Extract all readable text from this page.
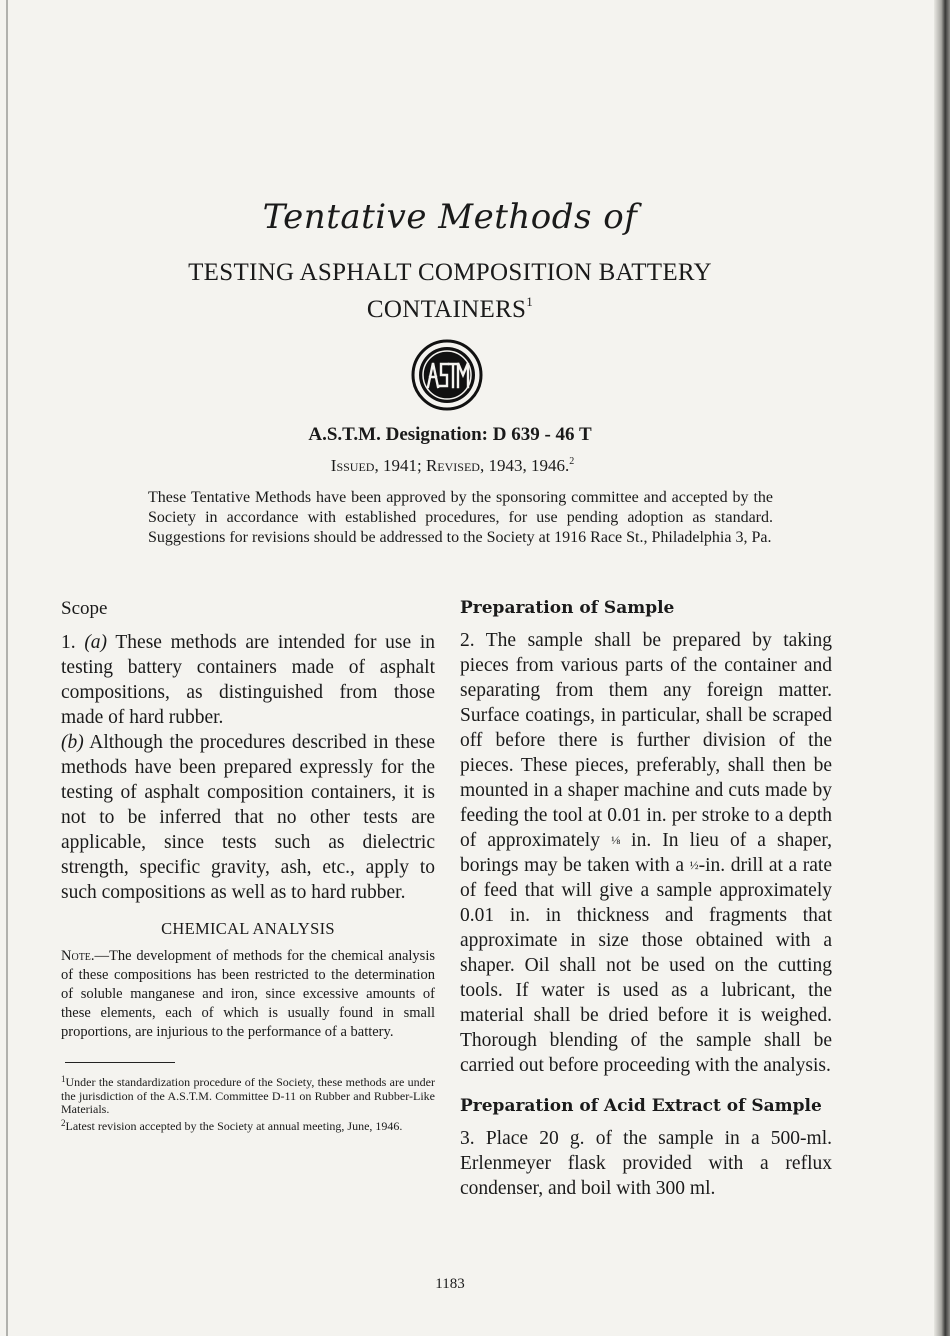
Tentative Methods of
TESTING ASPHALT COMPOSITION BATTERY
CONTAINERS$^1$
A.S.T.M. Designation: D 639 - 46 T
Issued, 1941; Revised, 1943, 1946.$^2$
These Tentative Methods have been approved by the sponsoring committee and accepted by the Society in accordance with established procedures, for use pending adoption as standard. Suggestions for revisions should be addressed to the Society at 1916 Race St., Philadelphia 3, Pa.
Scope

1. (a) These methods are intended for use in testing battery containers made of asphalt compositions, as distinguished from those made of hard rubber.

(b) Although the procedures described in these methods have been prepared expressly for the testing of asphalt composition containers, it is not to be inferred that no other tests are applicable, since tests such as dielectric strength, specific gravity, ash, etc., apply to such compositions as well as to hard rubber.

CHEMICAL ANALYSIS

Note.—The development of methods for the chemical analysis of these compositions has been restricted to the determination of soluble manganese and iron, since excessive amounts of these elements, each of which is usually found in small proportions, are injurious to the performance of a battery.

$^1$Under the standardization procedure of the Society, these methods are under the jurisdiction of the A.S.T.M. Committee D-11 on Rubber and Rubber-Like Materials.

$^2$Latest revision accepted by the Society at annual meeting, June, 1946.

Preparation of Sample

2. The sample shall be prepared by taking pieces from various parts of the container and separating from them any foreign matter. Surface coatings, in particular, shall be scraped off before there is further division of the pieces. These pieces, preferably, shall then be mounted in a shaper machine and cuts made by feeding the tool at 0.01 in. per stroke to a depth of approximately ⅛ in. In lieu of a shaper, borings may be taken with a ½-in. drill at a rate of feed that will give a sample approximately 0.01 in. in thickness and fragments that approximate in size those obtained with a shaper. Oil shall not be used on the cutting tools. If water is used as a lubricant, the material shall be dried before it is weighed. Thorough blending of the sample shall be carried out before proceeding with the analysis.

Preparation of Acid Extract of Sample

3. Place 20 g. of the sample in a 500-ml. Erlenmeyer flask provided with a reflux condenser, and boil with 300 ml.

1183
